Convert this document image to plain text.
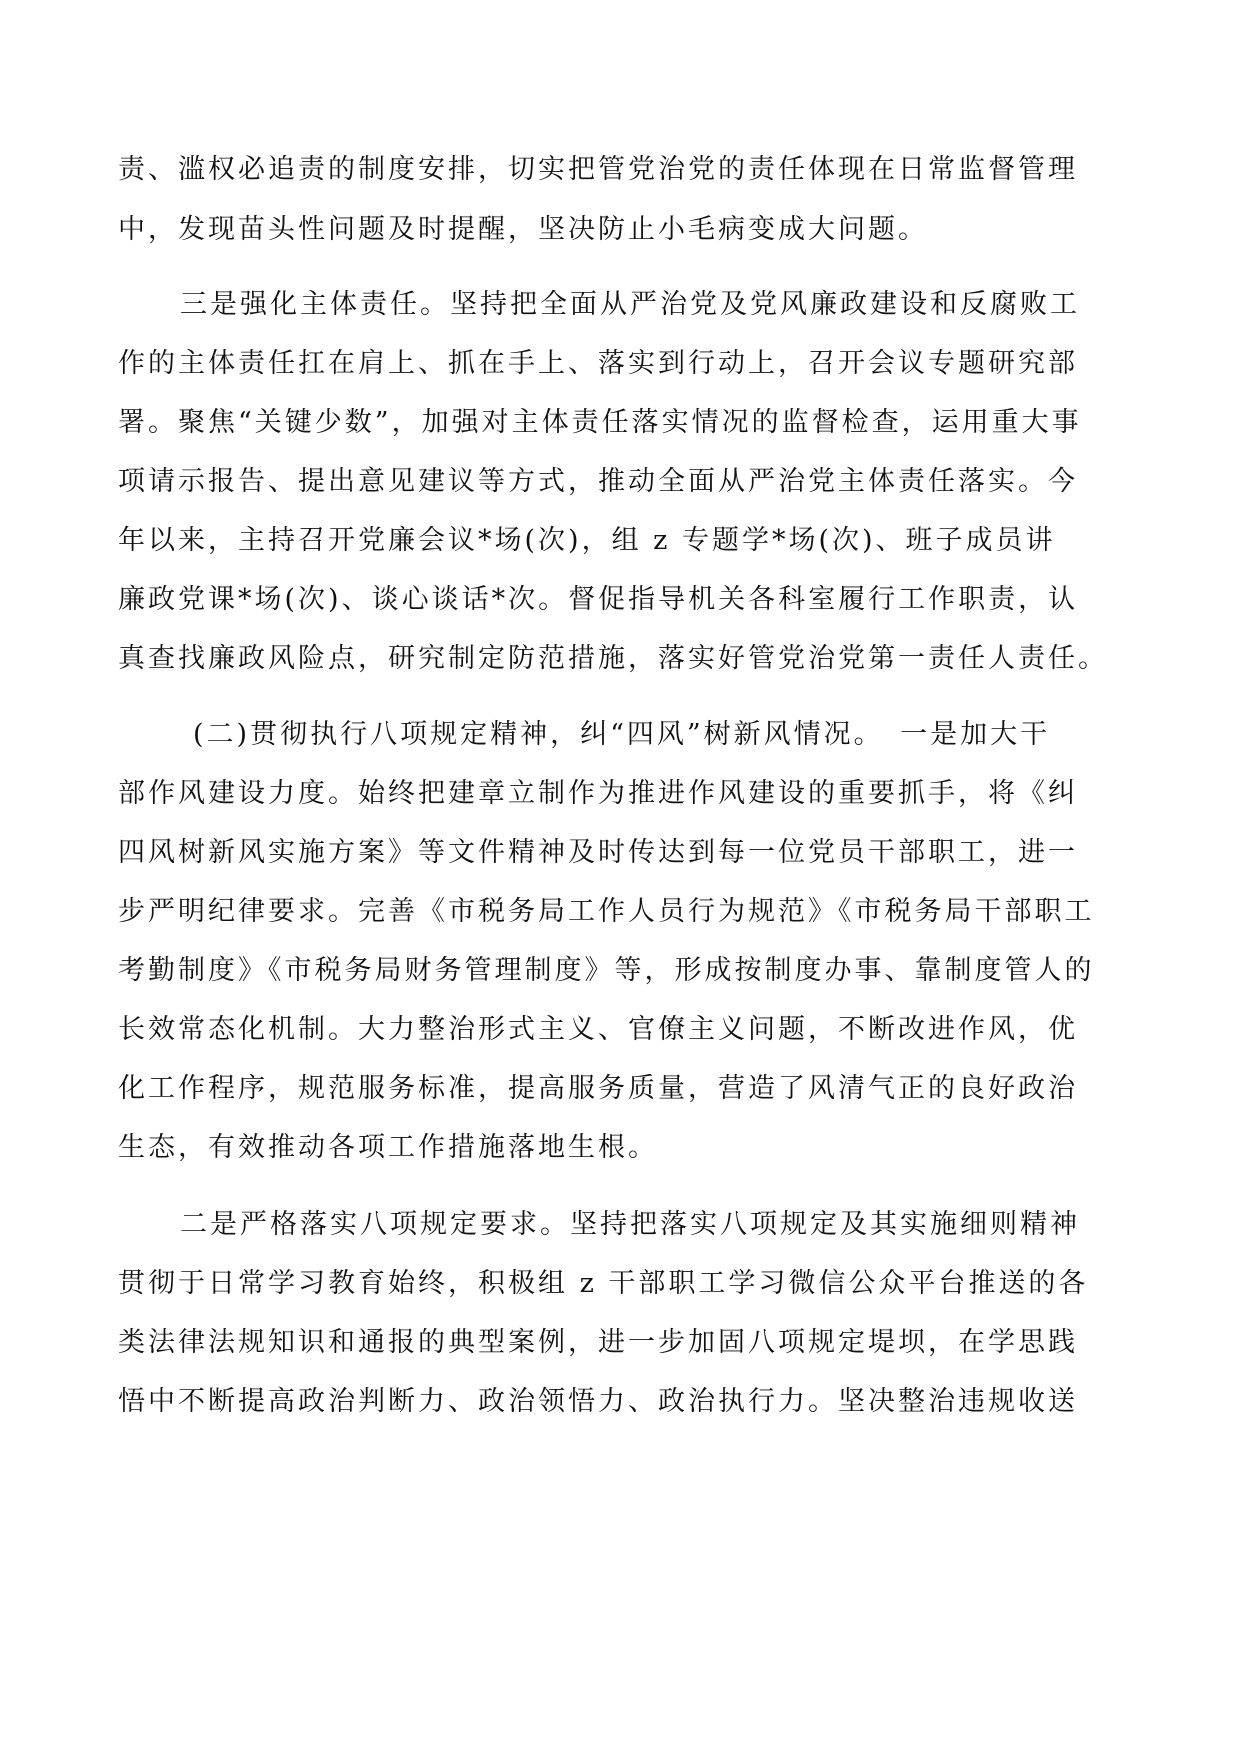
责、滥权必追责的制度安排，切实把管党治党的责任体现在日常监督管理
中，发现苗头性问题及时提醒，坚决防止小毛病变成大问题。
三是强化主体责任。坚持把全面从严治党及党风廉政建设和反腐败工
作的主体责任扛在肩上、抓在手上、落实到行动上，召开会议专题研究部
署。聚焦“关键少数”，加强对主体责任落实情况的监督检查，运用重大事
项请示报告、提出意见建议等方式，推动全面从严治党主体责任落实。今
年以来，主持召开党廉会议*场(次)，组 z 专题学*场(次)、班子成员讲
廉政党课*场(次)、谈心谈话*次。督促指导机关各科室履行工作职责，认
真查找廉政风险点，研究制定防范措施，落实好管党治党第一责任人责任。
(二)贯彻执行八项规定精神，纠“四风”树新风情况。　一是加大干
部作风建设力度。始终把建章立制作为推进作风建设的重要抓手，将《纠
四风树新风实施方案》等文件精神及时传达到每一位党员干部职工，进一
步严明纪律要求。完善《市税务局工作人员行为规范》《市税务局干部职工
考勤制度》《市税务局财务管理制度》等，形成按制度办事、靠制度管人的
长效常态化机制。大力整治形式主义、官僚主义问题，不断改进作风，优
化工作程序，规范服务标准，提高服务质量，营造了风清气正的良好政治
生态，有效推动各项工作措施落地生根。
二是严格落实八项规定要求。坚持把落实八项规定及其实施细则精神
贯彻于日常学习教育始终，积极组 z 干部职工学习微信公众平台推送的各
类法律法规知识和通报的典型案例，进一步加固八项规定堤坝，在学思践
悟中不断提高政治判断力、政治领悟力、政治执行力。坚决整治违规收送
